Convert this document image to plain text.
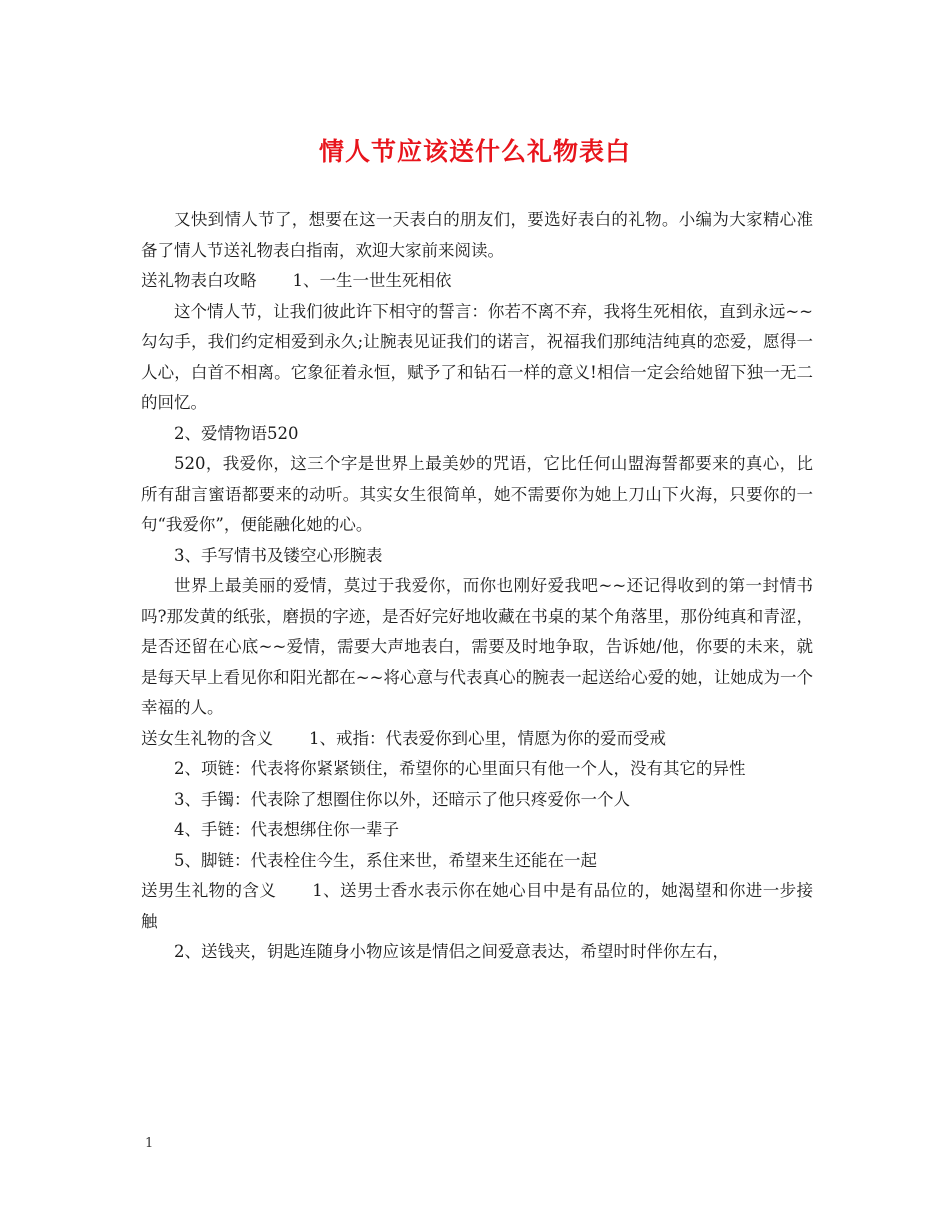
情人节应该送什么礼物表白

又快到情人节了，想要在这一天表白的朋友们，要选好表白的礼物。小编为大家精心准备了情人节送礼物表白指南，欢迎大家前来阅读。

送礼物表白攻略 1、一生一世生死相依

这个情人节，让我们彼此许下相守的誓言：你若不离不弃，我将生死相依，直到永远~~勾勾手，我们约定相爱到永久;让腕表见证我们的诺言，祝福我们那纯洁纯真的恋爱，愿得一人心，白首不相离。它象征着永恒，赋予了和钻石一样的意义!相信一定会给她留下独一无二的回忆。

2、爱情物语520

520，我爱你，这三个字是世界上最美妙的咒语，它比任何山盟海誓都要来的真心，比所有甜言蜜语都要来的动听。其实女生很简单，她不需要你为她上刀山下火海，只要你的一句“我爱你”，便能融化她的心。

3、手写情书及镂空心形腕表

世界上最美丽的爱情，莫过于我爱你，而你也刚好爱我吧~~还记得收到的第一封情书吗?那发黄的纸张，磨损的字迹，是否好完好地收藏在书桌的某个角落里，那份纯真和青涩，是否还留在心底~~爱情，需要大声地表白，需要及时地争取，告诉她/他，你要的未来，就是每天早上看见你和阳光都在~~将心意与代表真心的腕表一起送给心爱的她，让她成为一个幸福的人。

送女生礼物的含义 1、戒指：代表爱你到心里，情愿为你的爱而受戒

2、项链：代表将你紧紧锁住，希望你的心里面只有他一个人，没有其它的异性

3、手镯：代表除了想圈住你以外，还暗示了他只疼爱你一个人

4、手链：代表想绑住你一辈子

5、脚链：代表栓住今生，系住来世，希望来生还能在一起

送男生礼物的含义 1、送男士香水表示你在她心目中是有品位的，她渴望和你进一步接触

2、送钱夹，钥匙连随身小物应该是情侣之间爱意表达，希望时时伴你左右，

1
